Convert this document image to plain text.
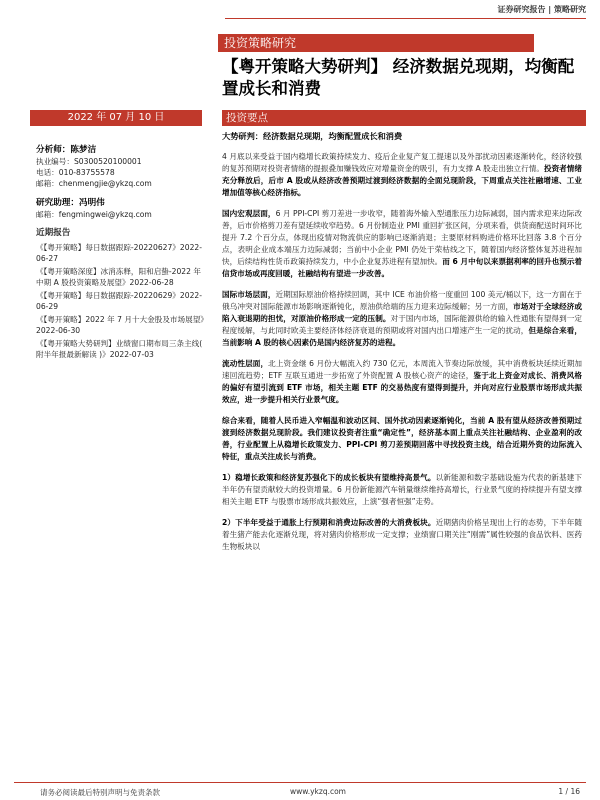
证券研究报告 | 策略研究
投资策略研究
【粤开策略大势研判】 经济数据兑现期，均衡配置成长和消费
2022 年 07 月 10 日	投资要点
分析师：陈梦洁
执业编号：S0300520100001
电话：010-83755578
邮箱：chenmengjie@ykzq.com
研究助理：冯明伟
邮箱：fengmingwei@ykzq.com
近期报告
《【粤开策略】每日数据跟踪-20220627》2022-06-27
《【粤开策略深度】冰消冻释，阳和启蛰-2022 年中期 A 股投资策略及展望》2022-06-28
《【粤开策略】每日数据跟踪-20220629》2022-06-29
《【粤开策略】2022 年 7 月十大金股及市场展望》2022-06-30
《【粤开策略大势研判】业绩窗口期布局三条主线( 附半年报最新解读 )》2022-07-03
大势研判：经济数据兑现期，均衡配置成长和消费

4 月底以来受益于国内稳增长政策持续发力、疫后企业复产复工提速以及外部扰动因素逐渐转化，经济较强的复苏预期对投资者情绪的提振叠加赚钱效应对增量资金的吸引，有力支撑 A 股走出独立行情。投资者情绪充分释放后，后市 A 股或从经济改善预期过渡到经济数据的全面兑现阶段，下周重点关注社融增速、工业增加值等核心经济指标。

国内宏观层面，6 月 PPI-CPI 剪刀差进一步收窄，随着海外输入型通胀压力边际减弱，国内需求迎来边际改善，后市价格剪刀差有望延续收窄趋势。6 月份制造业 PMI 重回扩张区间，分项来看，供货商配送时间环比提升 7.2 个百分点，体现出疫情对物流供应的影响已逐渐消退；主要原材料购进价格环比回落 3.8 个百分点，表明企业成本端压力边际减弱；当前中小企业 PMI 仍处于荣枯线之下，随着国内经济整体复苏进程加快，后续结构性货币政策持续发力，中小企业复苏进程有望加快。而 6 月中旬以来票据利率的回升也预示着信贷市场或再度回暖，社融结构有望进一步改善。

国际市场层面，近期国际原油价格持续回调，其中 ICE 布油价格一度重回 100 美元/桶以下，这一方面在于俄乌冲突对国际能源市场影响逐渐钝化，原油供给端的压力迎来边际缓解；另一方面，市场对于全球经济或陷入衰退期的担忧，对原油价格形成一定的压制。对于国内市场，国际能源供给的输入性通胀有望得到一定程度缓解，与此同时欧美主要经济体经济衰退的预期或将对国内出口增速产生一定的扰动，但是综合来看，当前影响 A 股的核心因素仍是国内经济复苏的进程。

流动性层面，北上资金继 6 月份大幅流入约 730 亿元，本周流入节奏边际放缓，其中消费板块延续近期加速回流趋势；ETF 互联互通进一步拓宽了外资配置 A 股核心资产的途径，鉴于北上资金对成长、消费风格的偏好有望引流到 ETF 市场，相关主题 ETF 的交易热度有望得到提升，并向对应行业股票市场形成共振效应，进一步提升相关行业景气度。

综合来看，随着人民币进入窄幅温和波动区间、国外扰动因素逐渐钝化，当前 A 股有望从经济改善预期过渡到经济数据兑现阶段。我们建议投资者注重“确定性”，经济基本面上重点关注社融结构、企业盈利的改善，行业配置上从稳增长政策发力、PPI-CPI 剪刀差预期回落中寻找投资主线，结合近期外资的边际流入特征，重点关注成长与消费。

1）稳增长政策和经济复苏强化下的成长板块有望维持高景气。以新能源和数字基础设施为代表的新基建下半年仍有望贡献较大的投资增量。6 月份新能源汽车销量继续维持高增长，行业景气度的持续提升有望支撑相关主题 ETF 与股票市场形成共振效应，上演“强者恒强”走势。

2）下半年受益于通胀上行预期和消费边际改善的大消费板块。近期猪肉价格呈现出上行的态势，下半年随着生猪产能去化逐渐兑现，将对猪肉价格形成一定支撑；业绩窗口期关注“刚需”属性较强的食品饮料、医药生物板块以

请务必阅读最后特别声明与免责条款	www.ykzq.com	1 / 16
